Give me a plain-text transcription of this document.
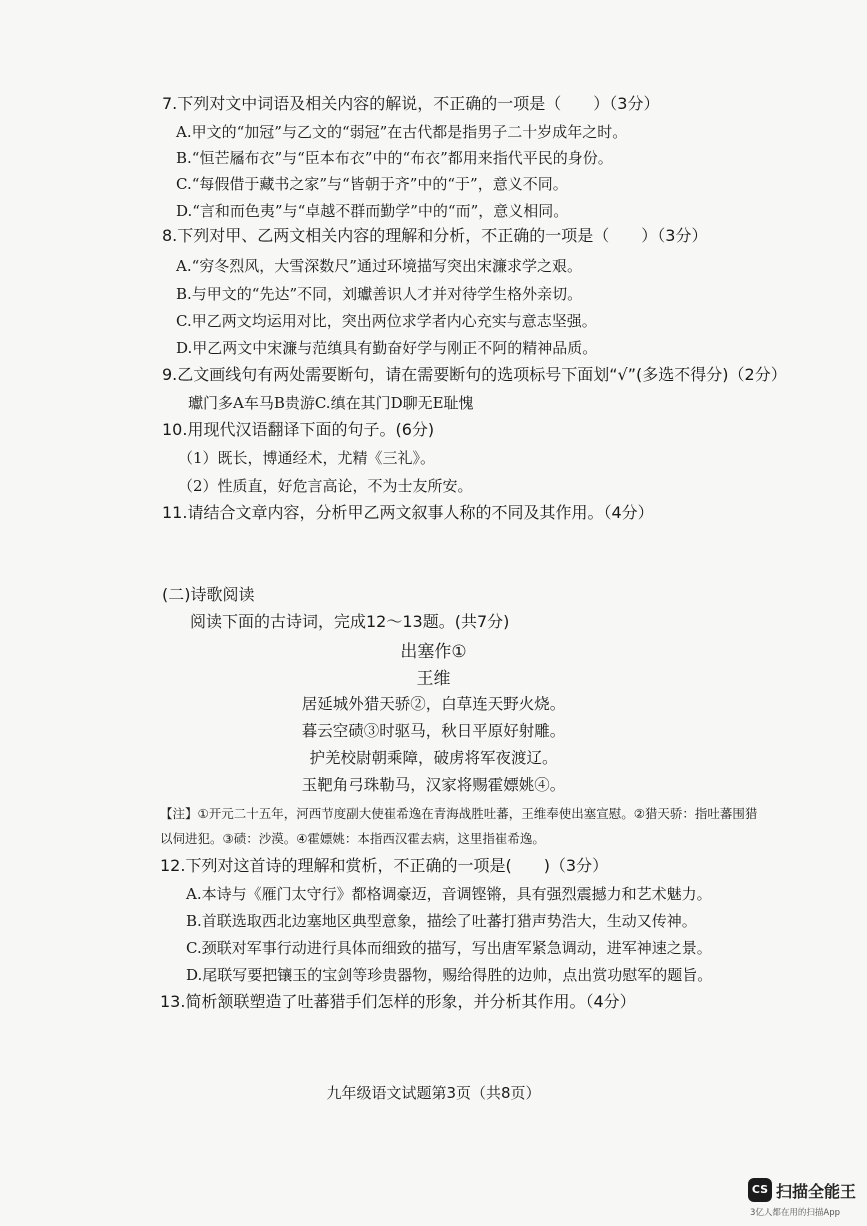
7.下列对文中词语及相关内容的解说，不正确的一项是（　　）（3分）
A.甲文的“加冠”与乙文的“弱冠”在古代都是指男子二十岁成年之时。
B.“恒芒屩布衣”与“臣本布衣”中的“布衣”都用来指代平民的身份。
C.“每假借于藏书之家”与“皆朝于齐”中的“于”，意义不同。
D.“言和而色夷”与“卓越不群而勤学”中的“而”，意义相同。
8.下列对甲、乙两文相关内容的理解和分析，不正确的一项是（　　）（3分）
A.“穷冬烈风，大雪深数尺”通过环境描写突出宋濂求学之艰。
B.与甲文的“先达”不同，刘瓛善识人才并对待学生格外亲切。
C.甲乙两文均运用对比，突出两位求学者内心充实与意志坚强。
D.甲乙两文中宋濂与范缜具有勤奋好学与刚正不阿的精神品质。
9.乙文画线句有两处需要断句，请在需要断句的选项标号下面划“√”(多选不得分)（2分）
瓛门多A车马B贵游C.缜在其门D聊无E耻愧
10.用现代汉语翻译下面的句子。(6分)
（1）既长，博通经术，尤精《三礼》。
（2）性质直，好危言高论，不为士友所安。
11.请结合文章内容，分析甲乙两文叙事人称的不同及其作用。（4分）
(二)诗歌阅读
阅读下面的古诗词，完成12～13题。(共7分)
出塞作①
王维
居延城外猎天骄②，白草连天野火烧。
暮云空碛③时驱马，秋日平原好射雕。
护羌校尉朝乘障，破虏将军夜渡辽。
玉靶角弓珠勒马，汉家将赐霍嫖姚④。
【注】①开元二十五年，河西节度副大使崔希逸在青海战胜吐蕃，王维奉使出塞宣慰。②猎天骄：指吐蕃围猎
以伺进犯。③碛：沙漠。④霍嫖姚：本指西汉霍去病，这里指崔希逸。
12.下列对这首诗的理解和赏析，不正确的一项是(　　)（3分）
A.本诗与《雁门太守行》都格调豪迈，音调铿锵，具有强烈震撼力和艺术魅力。
B.首联选取西北边塞地区典型意象，描绘了吐蕃打猎声势浩大，生动又传神。
C.颈联对军事行动进行具体而细致的描写，写出唐军紧急调动，进军神速之景。
D.尾联写要把镶玉的宝剑等珍贵器物，赐给得胜的边帅，点出赏功慰军的题旨。
13.简析颔联塑造了吐蕃猎手们怎样的形象，并分析其作用。（4分）
九年级语文试题第3页（共8页）
CS 扫描全能王
3亿人都在用的扫描App
